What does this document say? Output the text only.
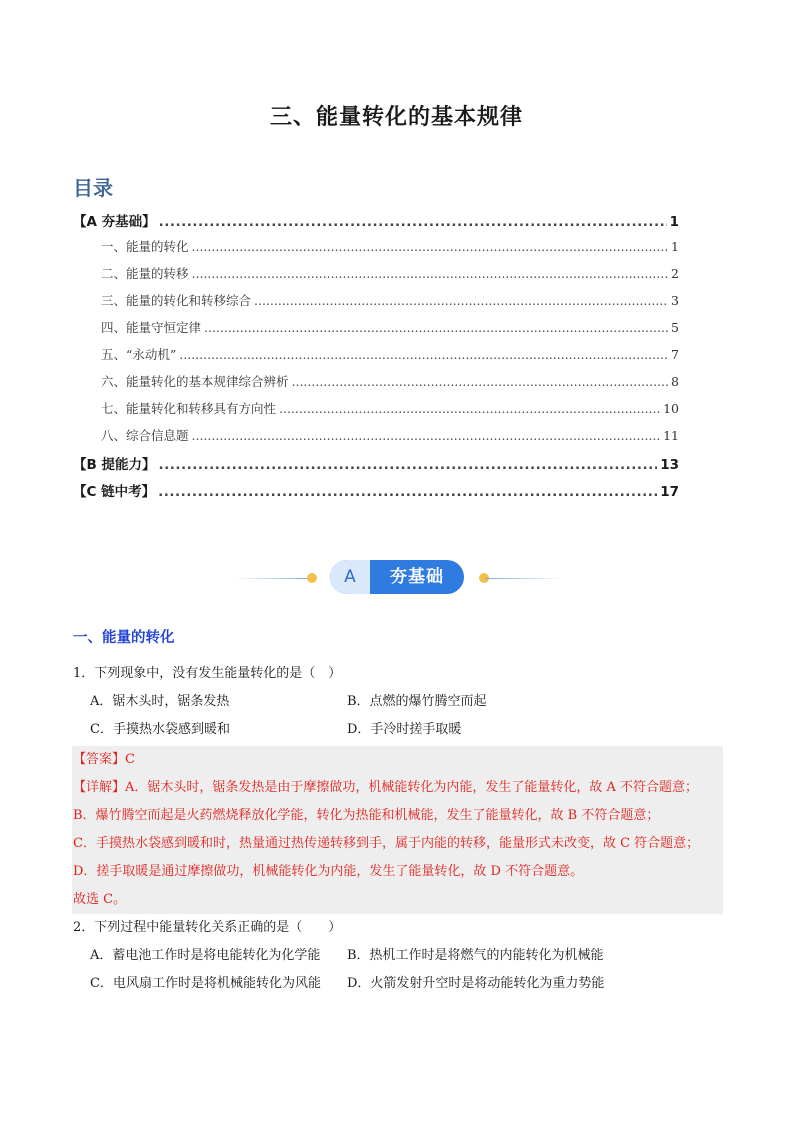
三、能量转化的基本规律
目录
【A 夯基础】 .....	1
一、能量的转化 .....	1
二、能量的转移 .....	2
三、能量的转化和转移综合 .....	3
四、能量守恒定律 .....	5
五、“永动机” .....	7
六、能量转化的基本规律综合辨析 .....	8
七、能量转化和转移具有方向性 .....	10
八、综合信息题 .....	11
【B 提能力】 .....	13
【C 链中考】 .....	17
A	夯基础
一、能量的转化

1．下列现象中，没有发生能量转化的是（　）

A．锯木头时，锯条发热	B．点燃的爆竹腾空而起
C．手摸热水袋感到暖和	D．手冷时搓手取暖

【答案】C

【详解】A．锯木头时，锯条发热是由于摩擦做功，机械能转化为内能，发生了能量转化，故 A 不符合题意；

B．爆竹腾空而起是火药燃烧释放化学能，转化为热能和机械能，发生了能量转化，故 B 不符合题意；

C．手摸热水袋感到暖和时，热量通过热传递转移到手，属于内能的转移，能量形式未改变，故 C 符合题意；

D．搓手取暖是通过摩擦做功，机械能转化为内能，发生了能量转化，故 D 不符合题意。

故选 C。

2．下列过程中能量转化关系正确的是（　　）

A．蓄电池工作时是将电能转化为化学能	B．热机工作时是将燃气的内能转化为机械能
C．电风扇工作时是将机械能转化为风能	D．火箭发射升空时是将动能转化为重力势能
